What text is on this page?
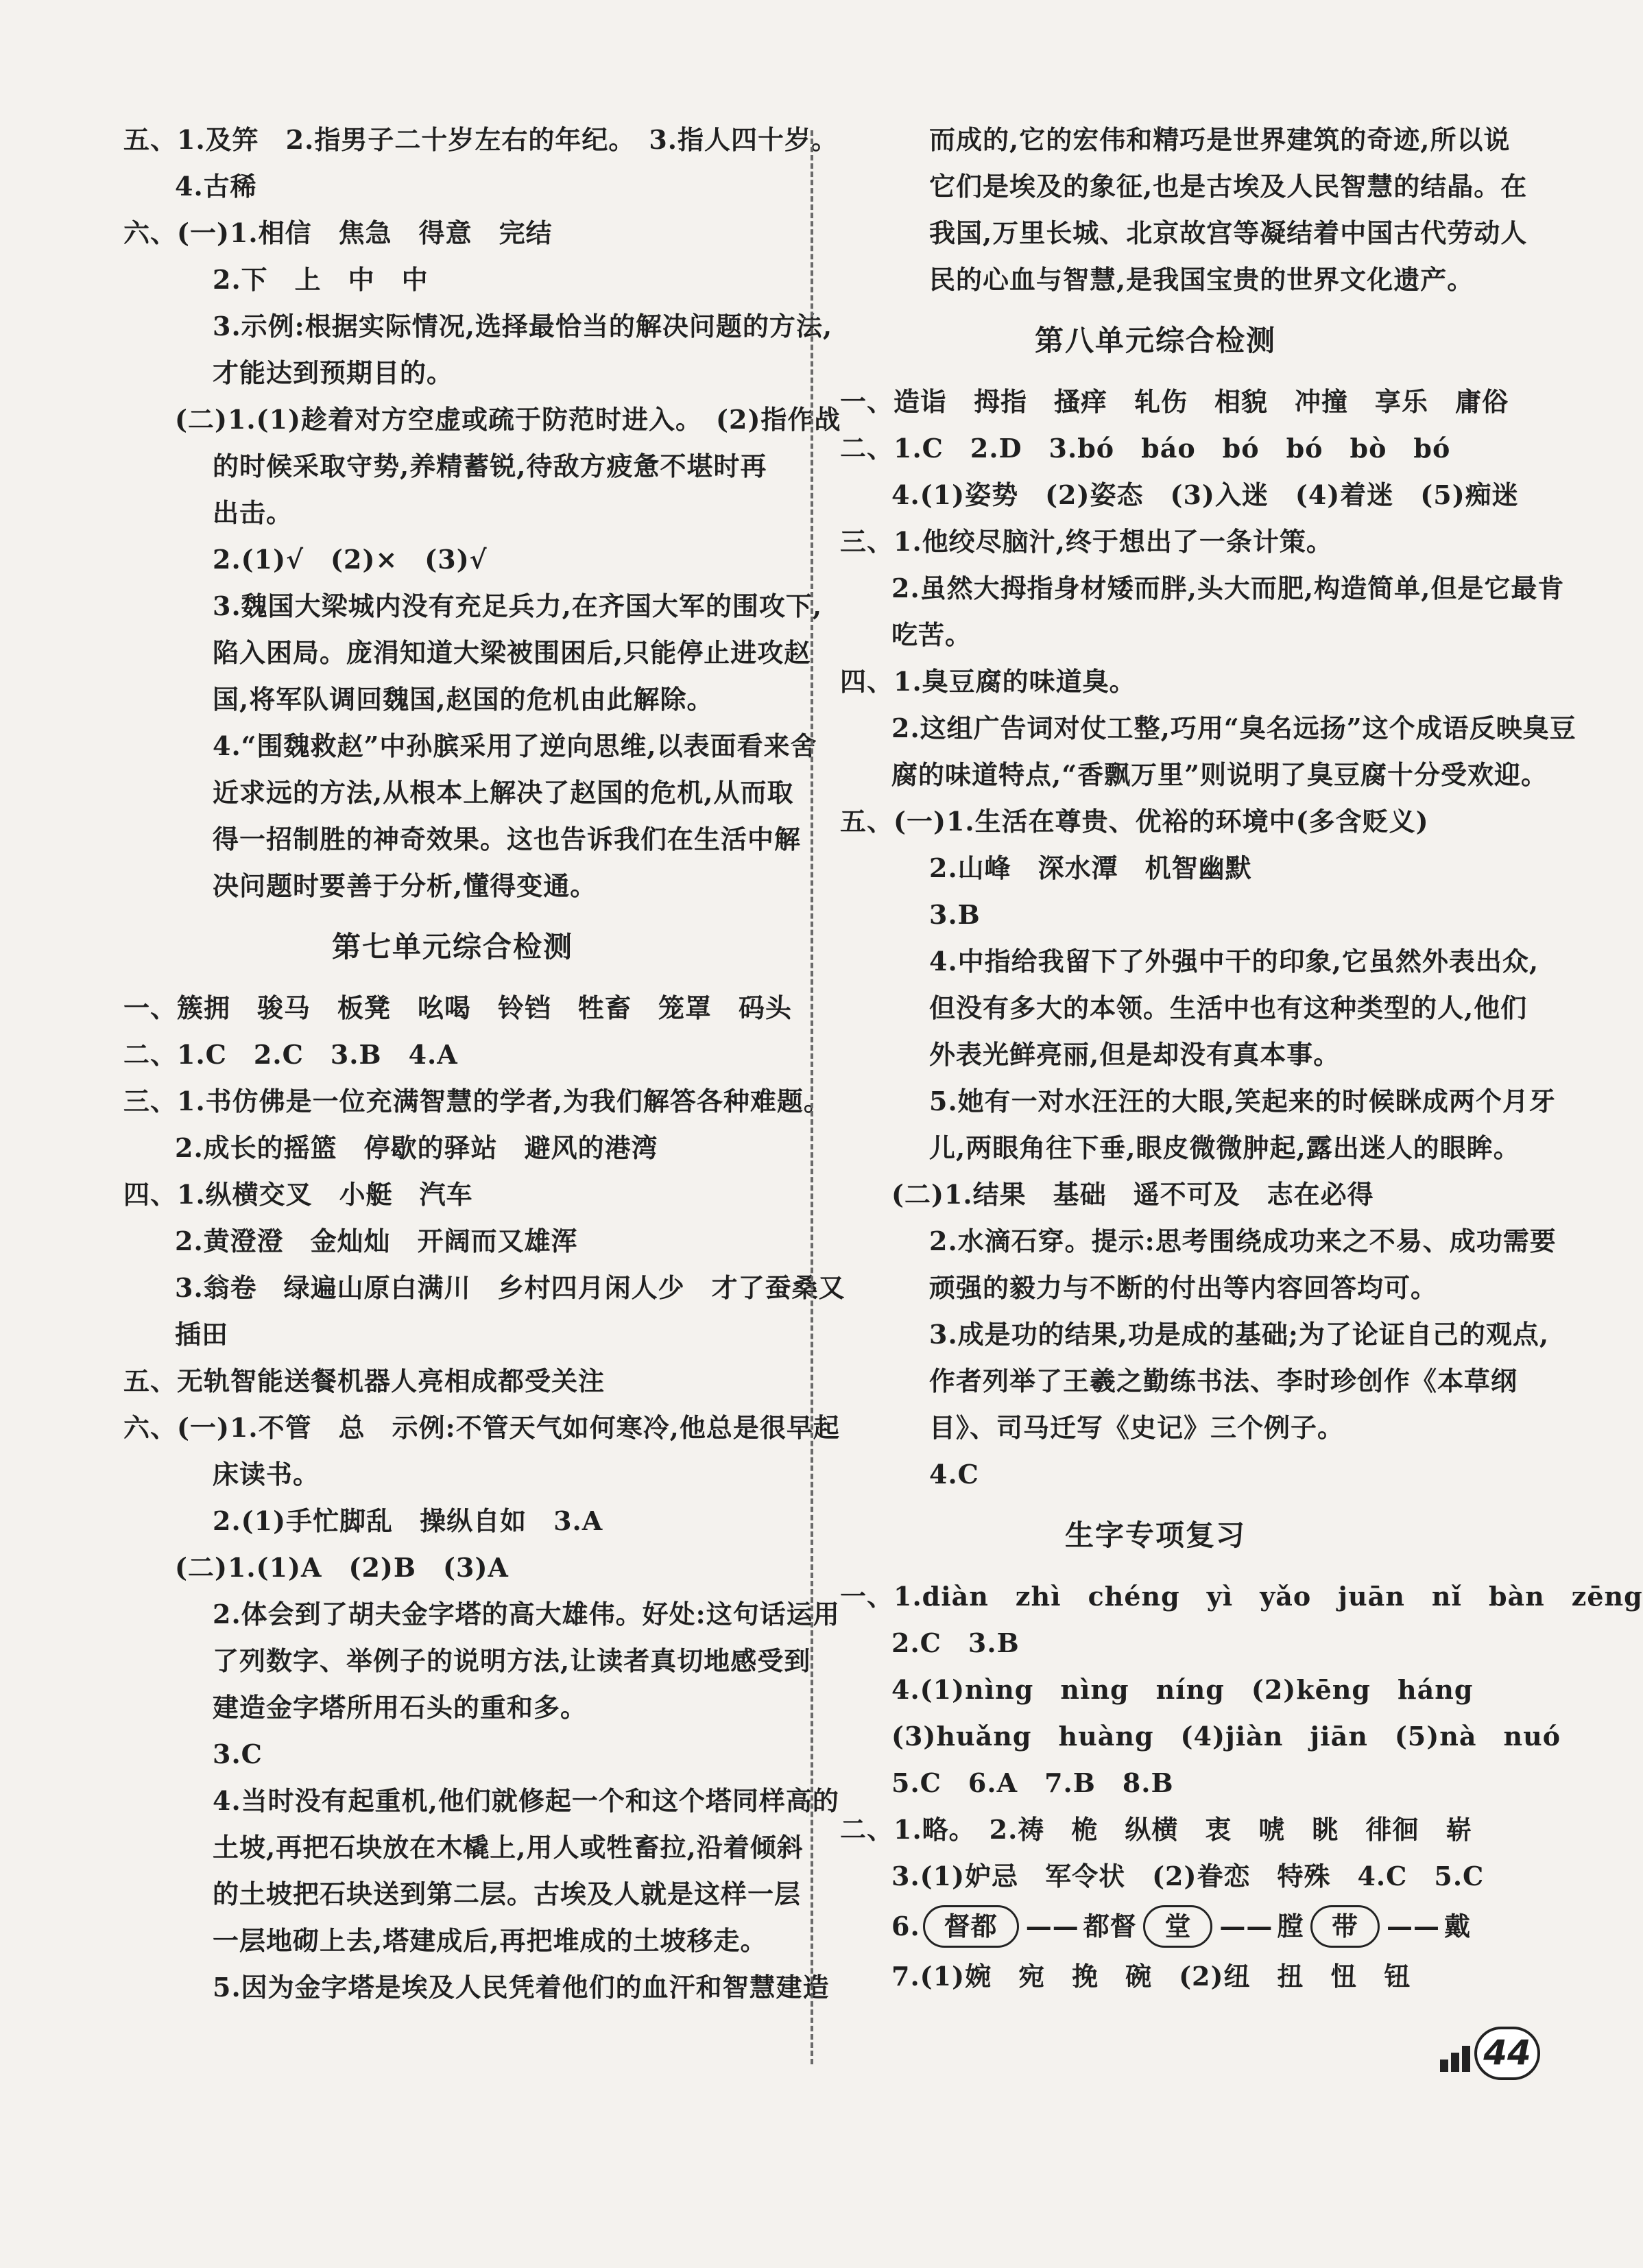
五、1.及笄　2.指男子二十岁左右的年纪。　3.指人四十岁。
4.古稀
六、(一)1.相信　焦急　得意　完结
2.下　上　中　中
3.示例:根据实际情况,选择最恰当的解决问题的方法,
才能达到预期目的。
(二)1.(1)趁着对方空虚或疏于防范时进入。　(2)指作战
的时候采取守势,养精蓄锐,待敌方疲惫不堪时再
出击。
2.(1)√　(2)×　(3)√
3.魏国大梁城内没有充足兵力,在齐国大军的围攻下,
陷入困局。庞涓知道大梁被围困后,只能停止进攻赵
国,将军队调回魏国,赵国的危机由此解除。
4.“围魏救赵”中孙膑采用了逆向思维,以表面看来舍
近求远的方法,从根本上解决了赵国的危机,从而取
得一招制胜的神奇效果。这也告诉我们在生活中解
决问题时要善于分析,懂得变通。
第七单元综合检测
一、簇拥　骏马　板凳　吆喝　铃铛　牲畜　笼罩　码头
二、1.C　2.C　3.B　4.A
三、1.书仿佛是一位充满智慧的学者,为我们解答各种难题。
2.成长的摇篮　停歇的驿站　避风的港湾
四、1.纵横交叉　小艇　汽车
2.黄澄澄　金灿灿　开阔而又雄浑
3.翁卷　绿遍山原白满川　乡村四月闲人少　才了蚕桑又
插田
五、无轨智能送餐机器人亮相成都受关注
六、(一)1.不管　总　示例:不管天气如何寒冷,他总是很早起
床读书。
2.(1)手忙脚乱　操纵自如　3.A
(二)1.(1)A　(2)B　(3)A
2.体会到了胡夫金字塔的高大雄伟。好处:这句话运用
了列数字、举例子的说明方法,让读者真切地感受到
建造金字塔所用石头的重和多。
3.C
4.当时没有起重机,他们就修起一个和这个塔同样高的
土坡,再把石块放在木橇上,用人或牲畜拉,沿着倾斜
的土坡把石块送到第二层。古埃及人就是这样一层
一层地砌上去,塔建成后,再把堆成的土坡移走。
5.因为金字塔是埃及人民凭着他们的血汗和智慧建造
而成的,它的宏伟和精巧是世界建筑的奇迹,所以说
它们是埃及的象征,也是古埃及人民智慧的结晶。在
我国,万里长城、北京故宫等凝结着中国古代劳动人
民的心血与智慧,是我国宝贵的世界文化遗产。
第八单元综合检测
一、造诣　拇指　搔痒　轧伤　相貌　冲撞　享乐　庸俗
二、1.C　2.D　3.bó　báo　bó　bó　bò　bó
4.(1)姿势　(2)姿态　(3)入迷　(4)着迷　(5)痴迷
三、1.他绞尽脑汁,终于想出了一条计策。
2.虽然大拇指身材矮而胖,头大而肥,构造简单,但是它最肯
吃苦。
四、1.臭豆腐的味道臭。
2.这组广告词对仗工整,巧用“臭名远扬”这个成语反映臭豆
腐的味道特点,“香飘万里”则说明了臭豆腐十分受欢迎。
五、(一)1.生活在尊贵、优裕的环境中(多含贬义)
2.山峰　深水潭　机智幽默
3.B
4.中指给我留下了外强中干的印象,它虽然外表出众,
但没有多大的本领。生活中也有这种类型的人,他们
外表光鲜亮丽,但是却没有真本事。
5.她有一对水汪汪的大眼,笑起来的时候眯成两个月牙
儿,两眼角往下垂,眼皮微微肿起,露出迷人的眼眸。
(二)1.结果　基础　遥不可及　志在必得
2.水滴石穿。提示:思考围绕成功来之不易、成功需要
顽强的毅力与不断的付出等内容回答均可。
3.成是功的结果,功是成的基础;为了论证自己的观点,
作者列举了王羲之勤练书法、李时珍创作《本草纲
目》、司马迁写《史记》三个例子。
4.C
生字专项复习
一、1.diàn　zhì　chéng　yì　yǎo　juān　nǐ　bàn　zēng
2.C　3.B
4.(1)nìng　nìng　níng　(2)kēng　háng
(3)huǎng　huàng　(4)jiàn　jiān　(5)nà　nuó
5.C　6.A　7.B　8.B
二、1.略。　2.祷　桅　纵横　衷　唬　眺　徘徊　崭
3.(1)妒忌　军令状　(2)眷恋　特殊　4.C　5.C
6. 督都	—— 都督	堂	—— 膛	带	—— 戴
7.(1)婉　宛　挽　碗　(2)纽　扭　忸　钮
44
